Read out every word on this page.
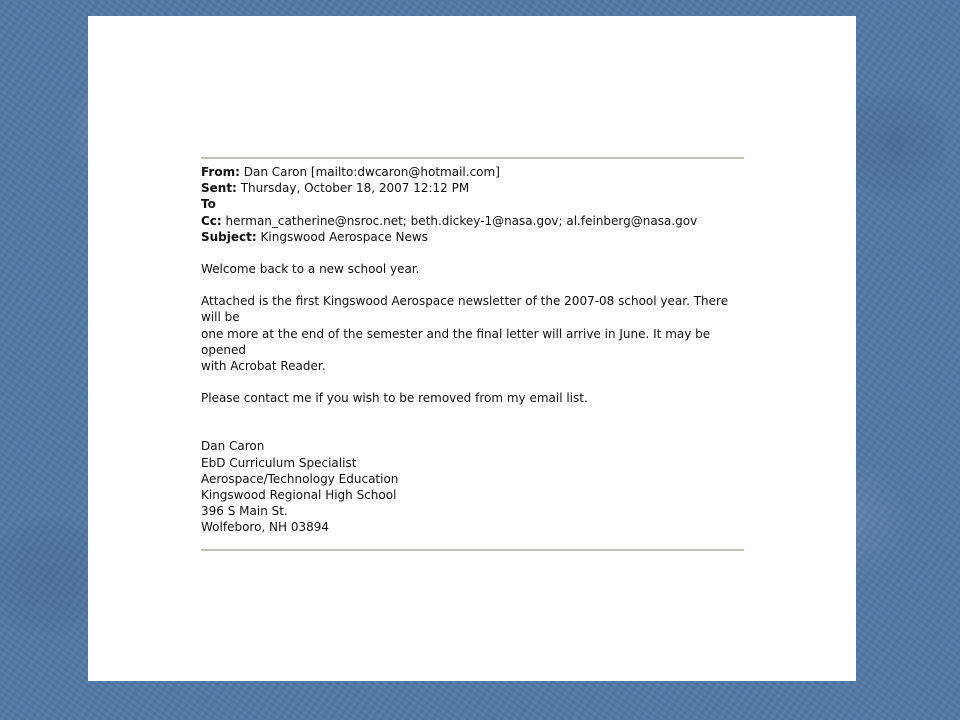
From: Dan Caron [mailto:dwcaron@hotmail.com]
Sent: Thursday, October 18, 2007 12:12 PM
To
Cc: herman_catherine@nsroc.net; beth.dickey-1@nasa.gov; al.feinberg@nasa.gov
Subject: Kingswood Aerospace News

Welcome back to a new school year.

Attached is the first Kingswood Aerospace newsletter of the 2007-08 school year. There will be
one more at the end of the semester and the final letter will arrive in June. It may be opened
with Acrobat Reader.

Please contact me if you wish to be removed from my email list.

Dan Caron
EbD Curriculum Specialist
Aerospace/Technology Education
Kingswood Regional High School
396 S Main St.
Wolfeboro, NH 03894
